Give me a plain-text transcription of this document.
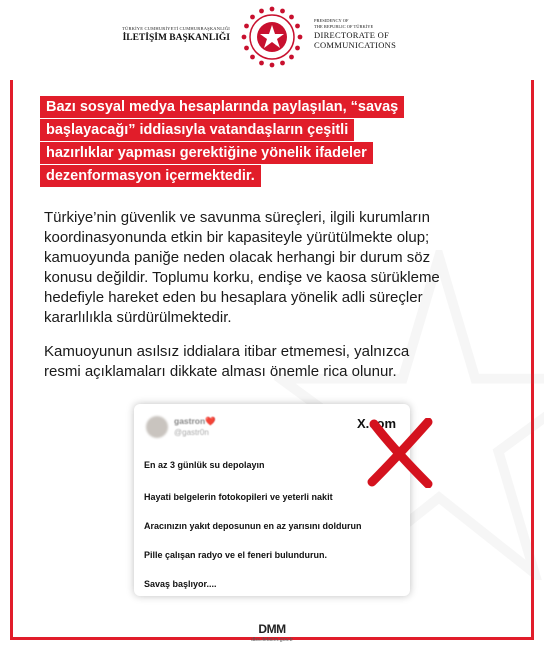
TÜRKİYE CUMHURİYETİ CUMHURBAŞKANLIĞI
İLETİŞİM BAŞKANLIĞI
PRESIDENCY OF
THE REPUBLIC OF TÜRKİYE
DIRECTORATE OF
COMMUNICATIONS
Bazı sosyal medya hesaplarında paylaşılan, “savaş
başlayacağı” iddiasıyla vatandaşların çeşitli
hazırlıklar yapması gerektiğine yönelik ifadeler
dezenformasyon içermektedir.
Türkiye’nin güvenlik ve savunma süreçleri, ilgili kurumların
koordinasyonunda etkin bir kapasiteyle yürütülmekte olup;
kamuoyunda paniğe neden olacak herhangi bir durum söz
konusu değildir. Toplumu korku, endişe ve kaosa sürükleme
hedefiyle hareket eden bu hesaplara yönelik adli süreçler
kararlılıkla sürdürülmektedir.
Kamuoyunun asılsız iddialara itibar etmemesi, yalnızca
resmi açıklamaları dikkate alması önemle rica olunur.
gastron❤️
@gastr0n
X.com
En az 3 günlük su depolayın
Hayati belgelerin fotokopileri ve yeterli nakit
Aracınızın yakıt deposunun en az yarısını doldurun
Pille çalışan radyo ve el feneri bulundurun.
Savaş başlıyor....
DMM
dbs.iletisim.gov.tr
